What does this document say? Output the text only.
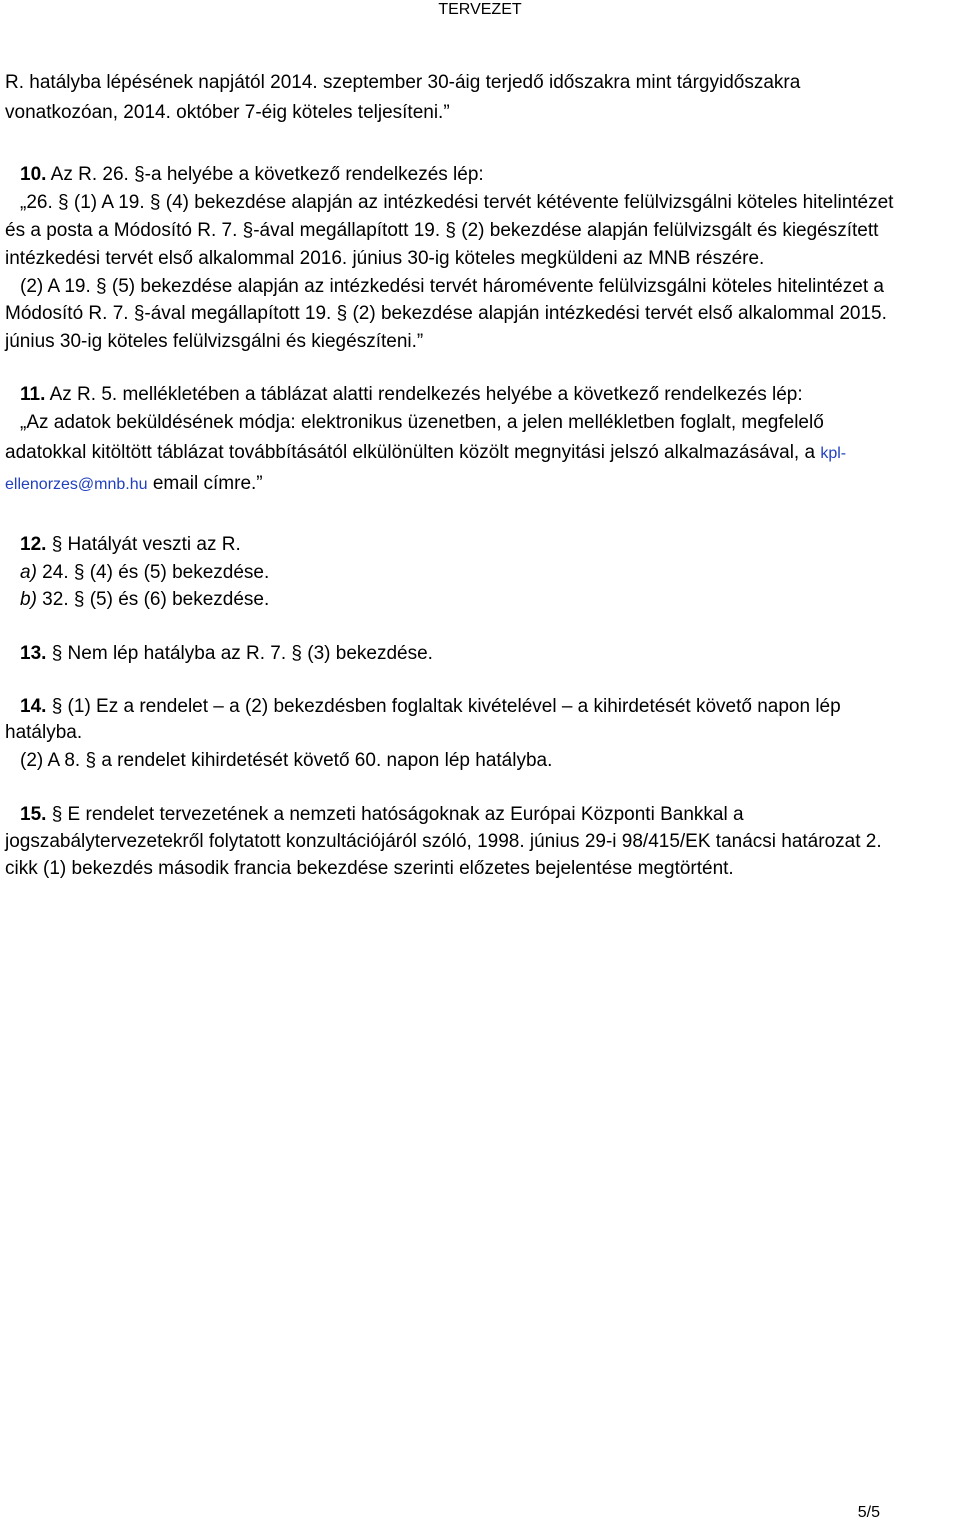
TERVEZET
R. hatályba lépésének napjától 2014. szeptember 30-áig terjedő időszakra mint tárgyidőszakra
vonatkozóan, 2014. október 7-éig köteles teljesíteni.”
10. Az R. 26. §-a helyébe a következő rendelkezés lép:
„26. § (1) A 19. § (4) bekezdése alapján az intézkedési tervét kétévente felülvizsgálni köteles hitelintézet
és a posta a Módosító R. 7. §-ával megállapított 19. § (2) bekezdése alapján felülvizsgált és kiegészített
intézkedési tervét első alkalommal 2016. június 30-ig köteles megküldeni az MNB részére.
(2) A 19. § (5) bekezdése alapján az intézkedési tervét háromévente felülvizsgálni köteles hitelintézet a
Módosító R. 7. §-ával megállapított 19. § (2) bekezdése alapján intézkedési tervét első alkalommal 2015.
június 30-ig köteles felülvizsgálni és kiegészíteni.”
11. Az R. 5. mellékletében a táblázat alatti rendelkezés helyébe a következő rendelkezés lép:
„Az adatok beküldésének módja: elektronikus üzenetben, a jelen mellékletben foglalt, megfelelő
adatokkal kitöltött táblázat továbbításától elkülönülten közölt megnyitási jelszó alkalmazásával, a kpl-
ellenorzes@mnb.hu email címre.”
12. § Hatályát veszti az R.
a) 24. § (4) és (5) bekezdése.
b) 32. § (5) és (6) bekezdése.
13. § Nem lép hatályba az R. 7. § (3) bekezdése.
14. § (1) Ez a rendelet – a (2) bekezdésben foglaltak kivételével – a kihirdetését követő napon lép
hatályba.
(2) A 8. § a rendelet kihirdetését követő 60. napon lép hatályba.
15. § E rendelet tervezetének a nemzeti hatóságoknak az Európai Központi Bankkal a
jogszabálytervezetekről folytatott konzultációjáról szóló, 1998. június 29-i 98/415/EK tanácsi határozat 2.
cikk (1) bekezdés második francia bekezdése szerinti előzetes bejelentése megtörtént.
5/5
